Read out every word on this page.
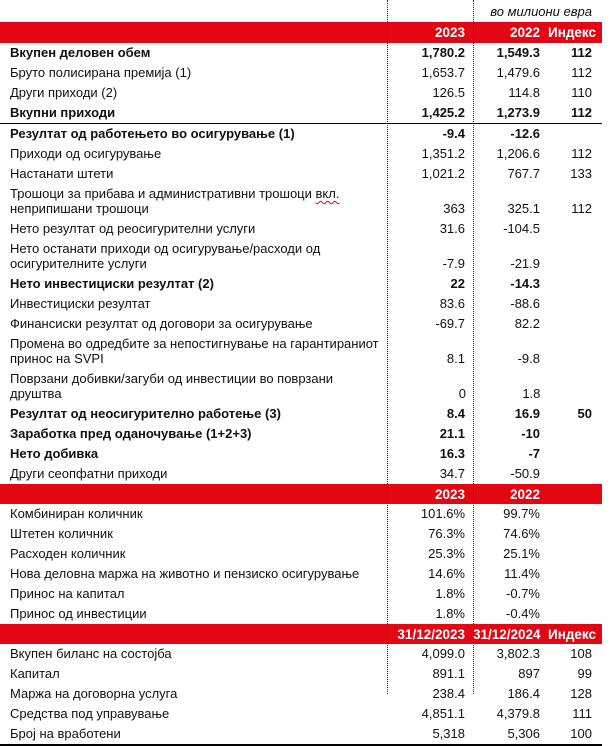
во милиони евра
2023	2022 Индекс
Вкупен деловен обем	1,780.2	1,549.3	112
Бруто полисирана премија (1)	1,653.7	1,479.6	112
Други приходи (2)	126.5	114.8	110
Вкупни приходи	1,425.2	1,273.9	112
Резултат од работењето во осигурување (1)	-9.4	-12.6
Приходи од осигурување	1,351.2	1,206.6	112
Настанати штети	1,021.2	767.7	133
Трошоци за прибава и административни трошоци вкл.
неприпишани трошоци	363	325.1	112
Нето резултат од реосигурителни услуги	31.6	-104.5
Нето останати приходи од осигурување/расходи од
осигурителните услуги	-7.9	-21.9
Нето инвестициски резултат (2)	22	-14.3
Инвестициски резултат	83.6	-88.6
Финансиски резултат од договори за осигурување	-69.7	82.2
Промена во одредбите за непостигнување на гарантираниот
принос на SVPI	8.1	-9.8
Поврзани добивки/загуби од инвестиции во поврзани друштва	0	1.8
Резултат од неосигурително работење (3)	8.4	16.9	50
Заработка пред оданочување (1+2+3)	21.1	-10
Нето добивка	16.3	-7
Други сеопфатни приходи	34.7	-50.9
2023	2022
Комбиниран количник	101.6%	99.7%
Штетен количник	76.3%	74.6%
Расходен количник	25.3%	25.1%
Нова деловна маржа на животно и пензиско осигурување	14.6%	11.4%
Принос на капитал	1.8%	-0.7%
Принос од инвестиции	1.8%	-0.4%
31/12/2023 31/12/2024 Индекс
Вкупен биланс на состојба	4,099.0	3,802.3	108
Капитал	891.1	897	99
Маржа на договорна услуга	238.4	186.4	128
Средства под управување	4,851.1	4,379.8	111
Број на вработени	5,318	5,306	100
